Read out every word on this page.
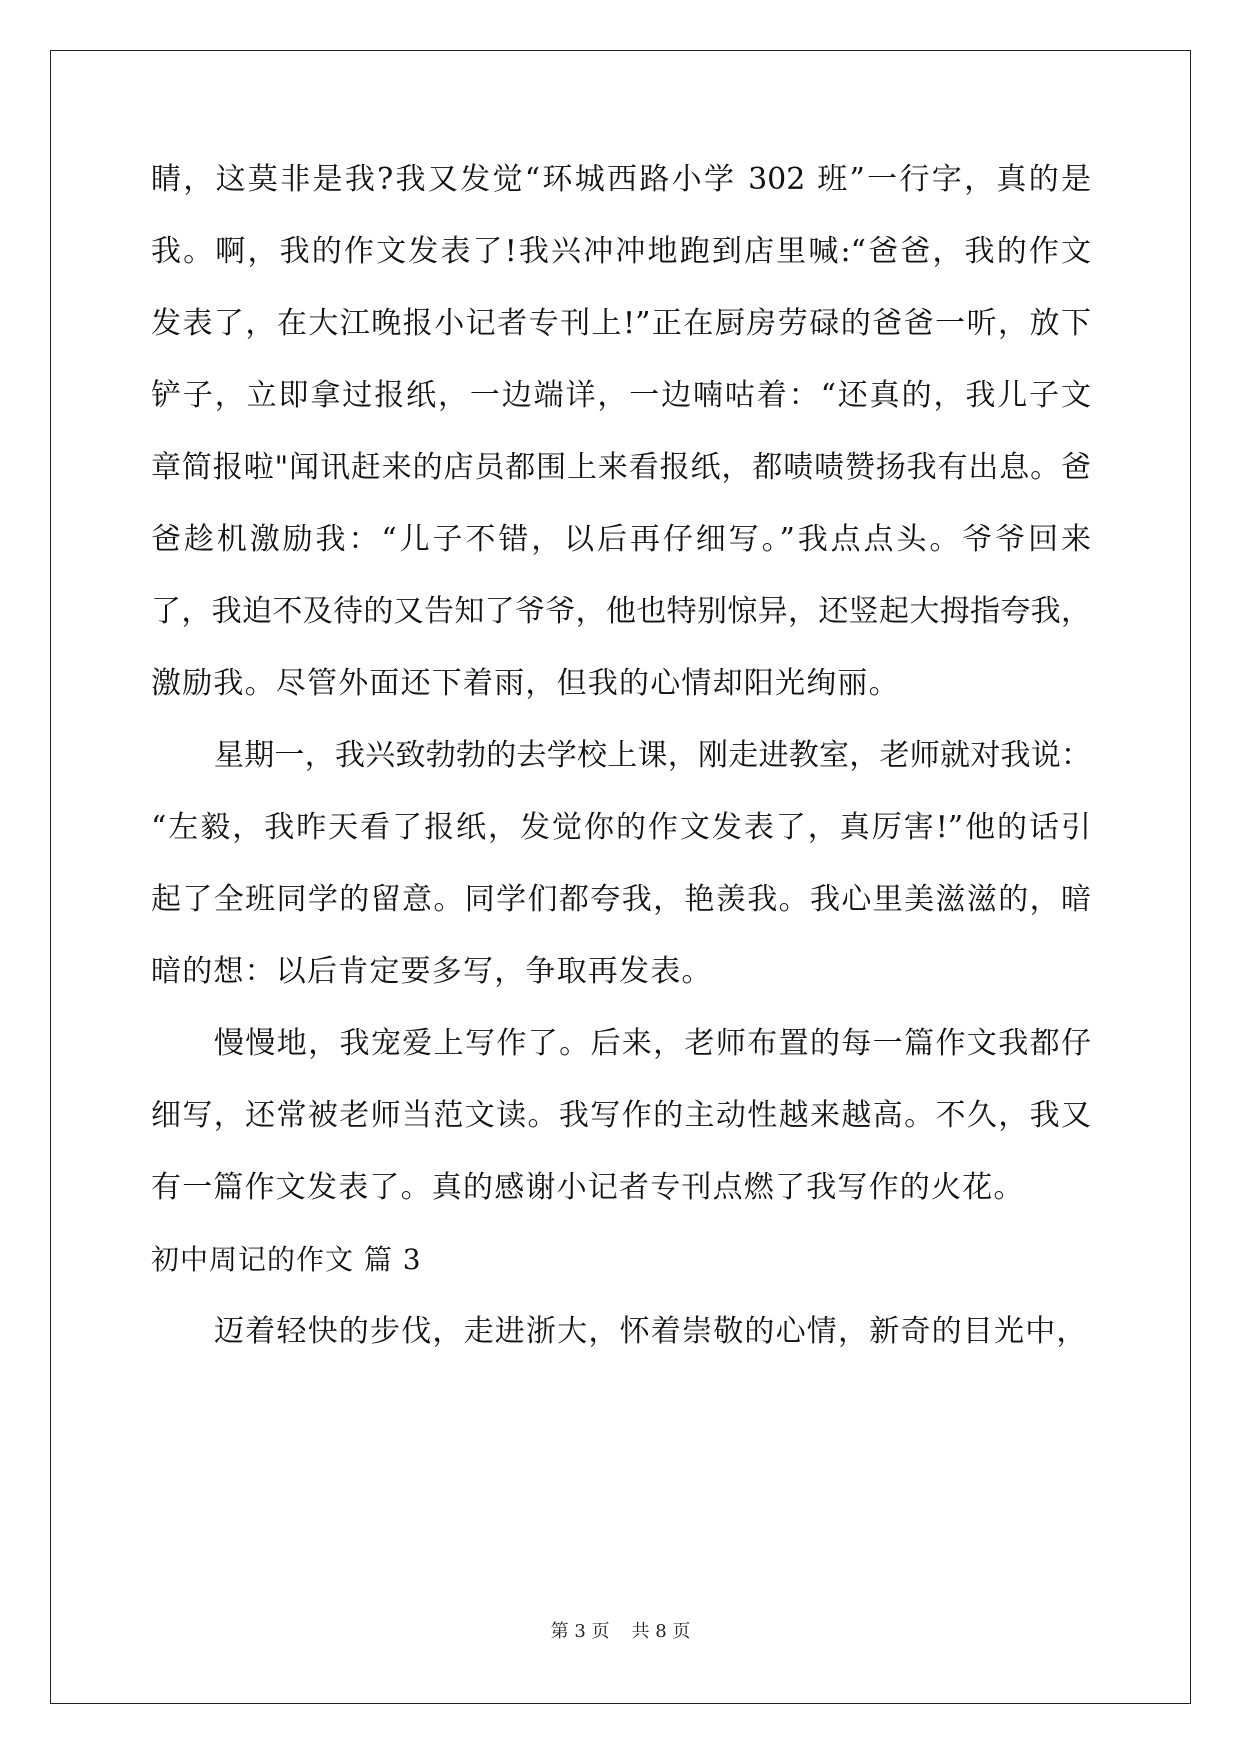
睛，这莫非是我?我又发觉“环城西路小学 302 班”一行字，真的是
我。啊，我的作文发表了!我兴冲冲地跑到店里喊:“爸爸，我的作文
发表了，在大江晚报小记者专刊上!”正在厨房劳碌的爸爸一听，放下
铲子，立即拿过报纸，一边端详，一边喃咕着：“还真的，我儿子文
章简报啦"闻讯赶来的店员都围上来看报纸，都啧啧赞扬我有出息。爸
爸趁机激励我：“儿子不错，以后再仔细写。”我点点头。爷爷回来
了，我迫不及待的又告知了爷爷，他也特别惊异，还竖起大拇指夸我，
激励我。尽管外面还下着雨，但我的心情却阳光绚丽。
星期一，我兴致勃勃的去学校上课，刚走进教室，老师就对我说：
“左毅，我昨天看了报纸，发觉你的作文发表了，真厉害!”他的话引
起了全班同学的留意。同学们都夸我，艳羡我。我心里美滋滋的，暗
暗的想：以后肯定要多写，争取再发表。
慢慢地，我宠爱上写作了。后来，老师布置的每一篇作文我都仔
细写，还常被老师当范文读。我写作的主动性越来越高。不久，我又
有一篇作文发表了。真的感谢小记者专刊点燃了我写作的火花。
初中周记的作文 篇 3
迈着轻快的步伐，走进浙大，怀着崇敬的心情，新奇的目光中，
第 3 页 共 8 页
